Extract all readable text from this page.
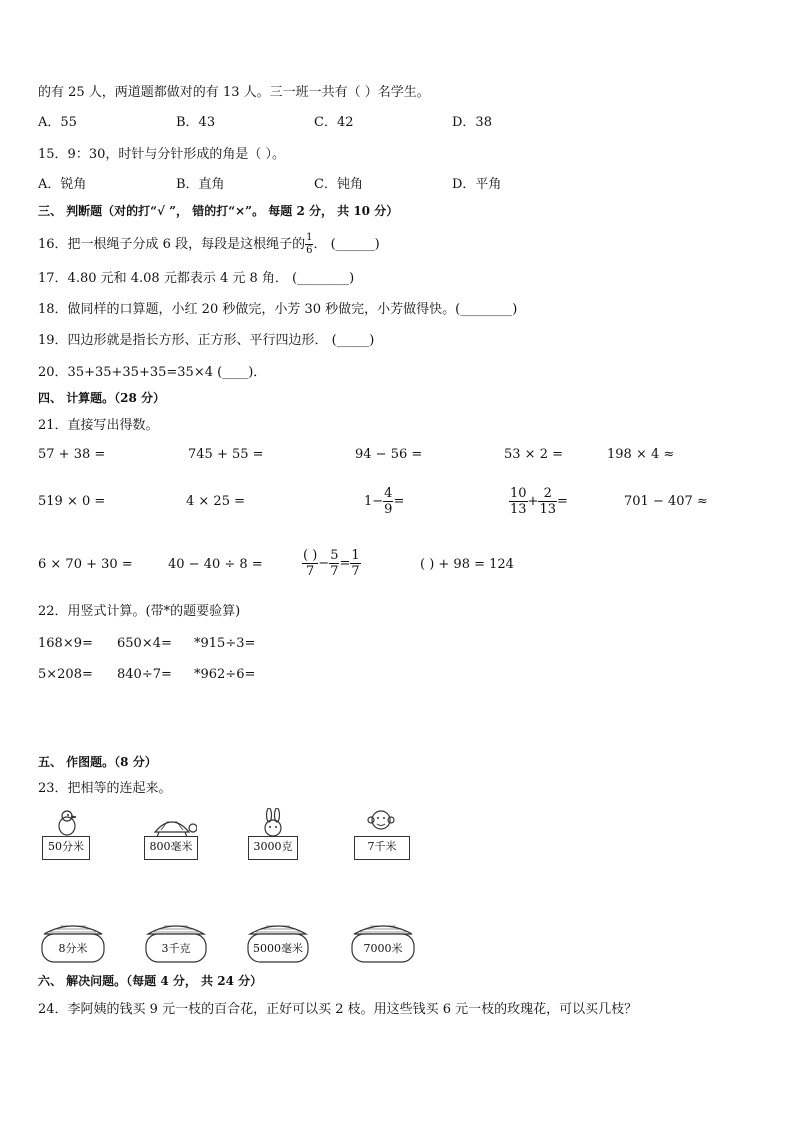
的有 25 人，两道题都做对的有 13 人。三一班一共有（ ）名学生。
A．55	B．43	C．42	D．38
15．9：30，时针与分针形成的角是（ ）。
A．锐角	B．直角	C．钝角	D．平角
三、 判断题（对的打“√ ”， 错的打“×”。 每题 2 分， 共 10 分）
16．把一根绳子分成 6 段，每段是这根绳子的 $\frac{1}{6}$ ． (______)
17．4.80 元和 4.08 元都表示 4 元 8 角． (________)
18．做同样的口算题，小红 20 秒做完，小芳 30 秒做完，小芳做得快。(________)
19．四边形就是指长方形、正方形、平行四边形． (_____)
20．35+35+35+35=35×4 (____)．
四、 计算题。（28 分）
21．直接写出得数。
57 + 38 =	745 + 55 =	94 − 56 =	53 × 2 =	198 × 4 ≈
519 × 0 =	4 × 25 =	$1- \frac{4}{9}$ =	$\frac{10}{13} + \frac{2}{13}$ =	701 − 407 ≈
6 × 70 + 30 =	40 − 40 ÷ 8 =	$\frac{( )}{7} - \frac{5}{7} = \frac{1}{7}$	( ) + 98 = 124
22．用竖式计算。(带*的题要验算)
168×9= 650×4= *915÷3=
5×208= 840÷7= *962÷6=
五、 作图题。（8 分）
23．把相等的连起来。
50分米	800毫米	3000克	7千米
8分米	3千克	5000毫米	7000米
六、 解决问题。（每题 4 分， 共 24 分）
24．李阿姨的钱买 9 元一枝的百合花，正好可以买 2 枝。用这些钱买 6 元一枝的玫瑰花，可以买几枝？
